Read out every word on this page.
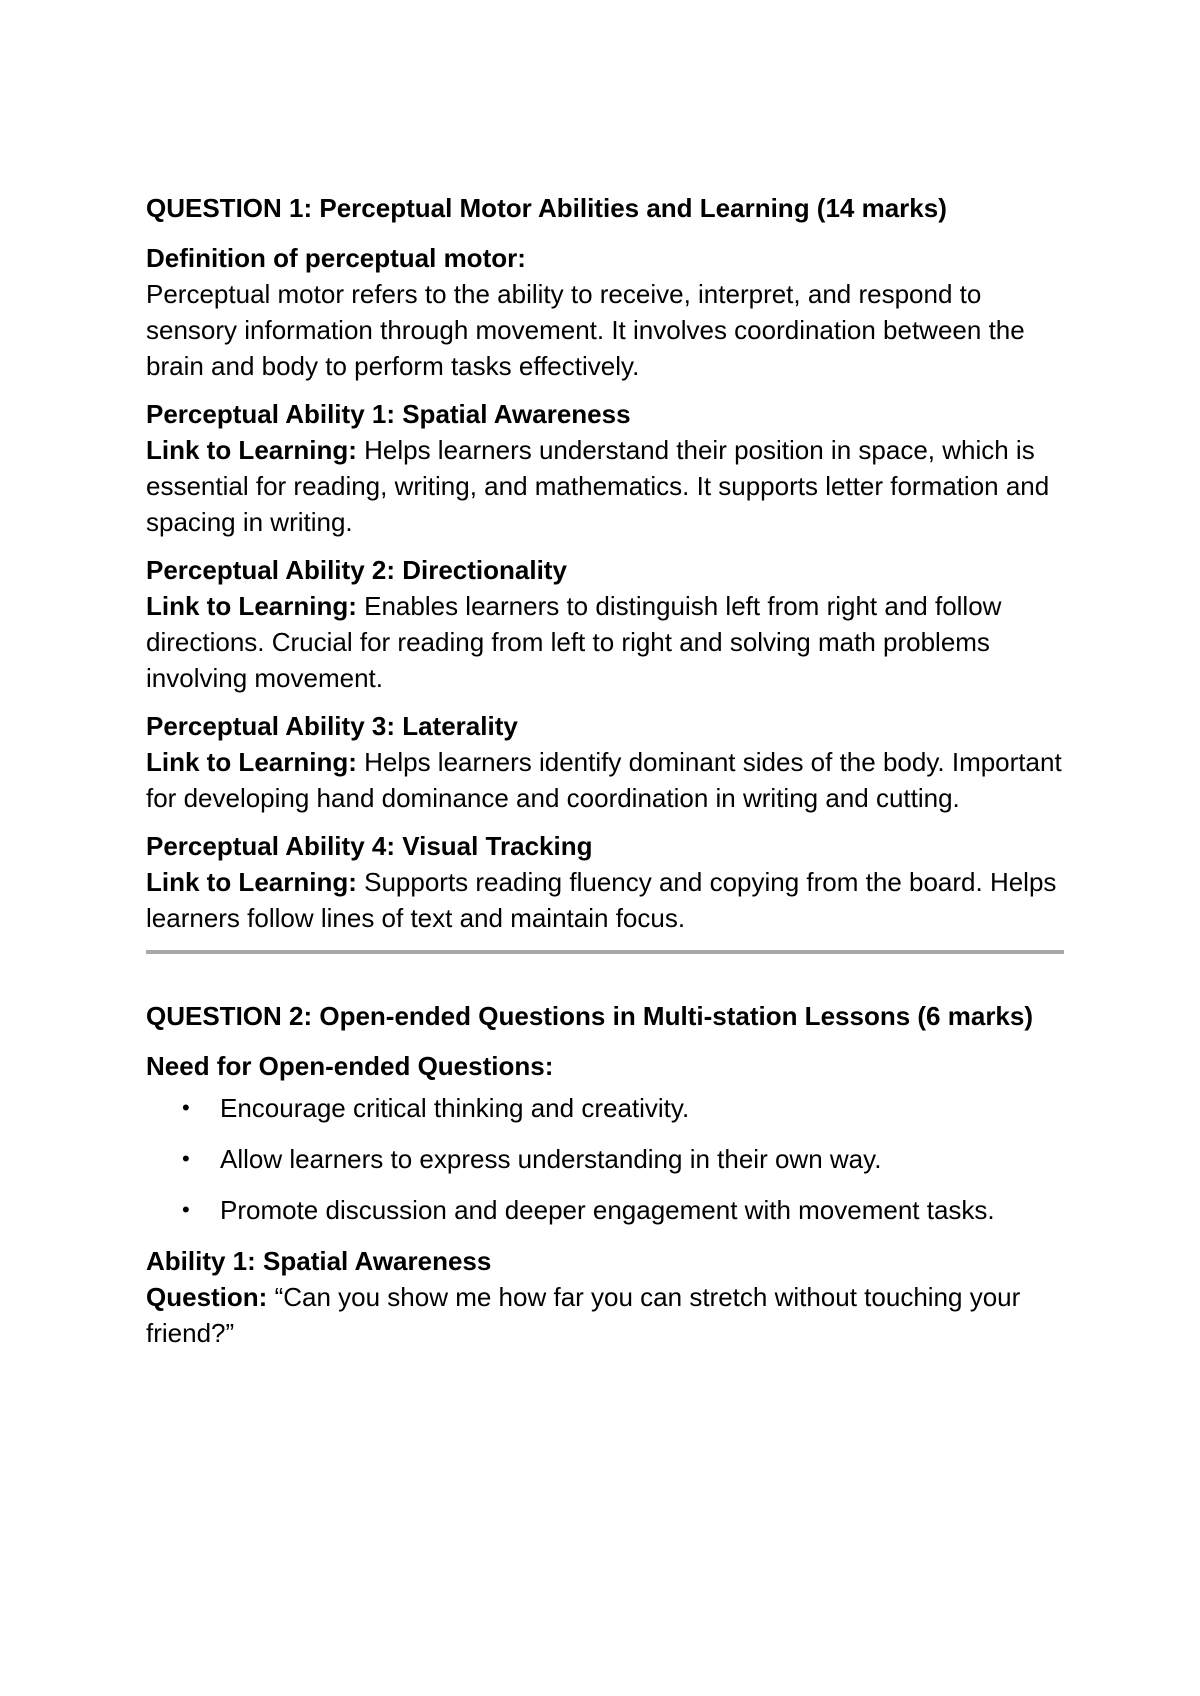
QUESTION 1: Perceptual Motor Abilities and Learning (14 marks)
Definition of perceptual motor:
Perceptual motor refers to the ability to receive, interpret, and respond to sensory information through movement. It involves coordination between the brain and body to perform tasks effectively.
Perceptual Ability 1: Spatial Awareness
Link to Learning: Helps learners understand their position in space, which is essential for reading, writing, and mathematics. It supports letter formation and spacing in writing.
Perceptual Ability 2: Directionality
Link to Learning: Enables learners to distinguish left from right and follow directions. Crucial for reading from left to right and solving math problems involving movement.
Perceptual Ability 3: Laterality
Link to Learning: Helps learners identify dominant sides of the body. Important for developing hand dominance and coordination in writing and cutting.
Perceptual Ability 4: Visual Tracking
Link to Learning: Supports reading fluency and copying from the board. Helps learners follow lines of text and maintain focus.
QUESTION 2: Open-ended Questions in Multi-station Lessons (6 marks)
Need for Open-ended Questions:
• Encourage critical thinking and creativity.
• Allow learners to express understanding in their own way.
• Promote discussion and deeper engagement with movement tasks.
Ability 1: Spatial Awareness
Question: “Can you show me how far you can stretch without touching your friend?”
